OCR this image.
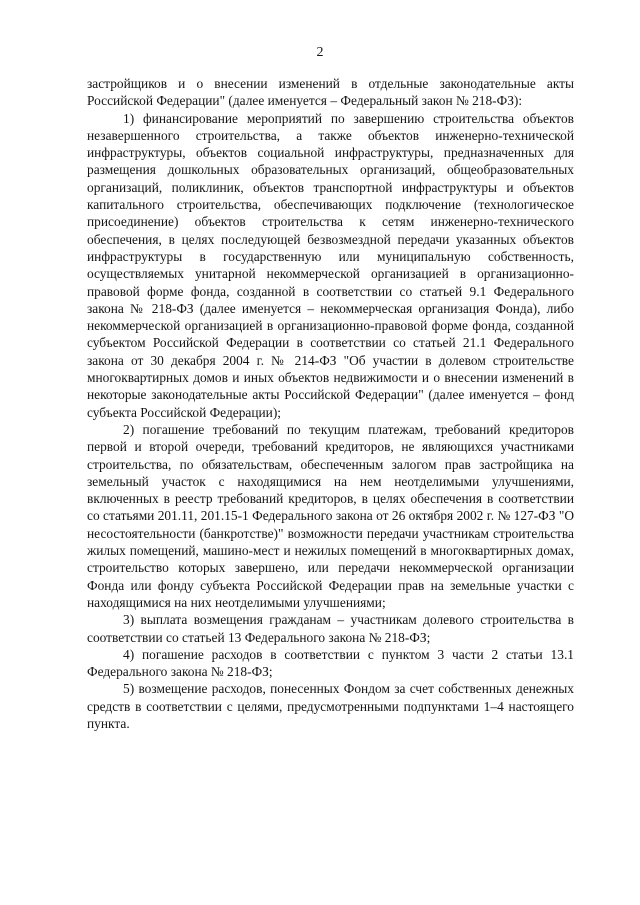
2

застройщиков и о внесении изменений в отдельные законодательные акты Российской Федерации" (далее именуется – Федеральный закон № 218-ФЗ):

1) финансирование мероприятий по завершению строительства объектов незавершенного строительства, а также объектов инженерно-технической инфраструктуры, объектов социальной инфраструктуры, предназначенных для размещения дошкольных образовательных организаций, общеобразовательных организаций, поликлиник, объектов транспортной инфраструктуры и объектов капитального строительства, обеспечивающих подключение (технологическое присоединение) объектов строительства к сетям инженерно-технического обеспечения, в целях последующей безвозмездной передачи указанных объектов инфраструктуры в государственную или муниципальную собственность, осуществляемых унитарной некоммерческой организацией в организационно-правовой форме фонда, созданной в соответствии со статьей 9.1 Федерального закона № 218-ФЗ (далее именуется – некоммерческая организация Фонда), либо некоммерческой организацией в организационно-правовой форме фонда, созданной субъектом Российской Федерации в соответствии со статьей 21.1 Федерального закона от 30 декабря 2004 г. № 214-ФЗ "Об участии в долевом строительстве многоквартирных домов и иных объектов недвижимости и о внесении изменений в некоторые законодательные акты Российской Федерации" (далее именуется – фонд субъекта Российской Федерации);

2) погашение требований по текущим платежам, требований кредиторов первой и второй очереди, требований кредиторов, не являющихся участниками строительства, по обязательствам, обеспеченным залогом прав застройщика на земельный участок с находящимися на нем неотделимыми улучшениями, включенных в реестр требований кредиторов, в целях обеспечения в соответствии со статьями 201.11, 201.15-1 Федерального закона от 26 октября 2002 г. № 127-ФЗ "О несостоятельности (банкротстве)" возможности передачи участникам строительства жилых помещений, машино-мест и нежилых помещений в многоквартирных домах, строительство которых завершено, или передачи некоммерческой организации Фонда или фонду субъекта Российской Федерации прав на земельные участки с находящимися на них неотделимыми улучшениями;

3) выплата возмещения гражданам – участникам долевого строительства в соответствии со статьей 13 Федерального закона № 218-ФЗ;

4) погашение расходов в соответствии с пунктом 3 части 2 статьи 13.1 Федерального закона № 218-ФЗ;

5) возмещение расходов, понесенных Фондом за счет собственных денежных средств в соответствии с целями, предусмотренными подпунктами 1–4 настоящего пункта.
